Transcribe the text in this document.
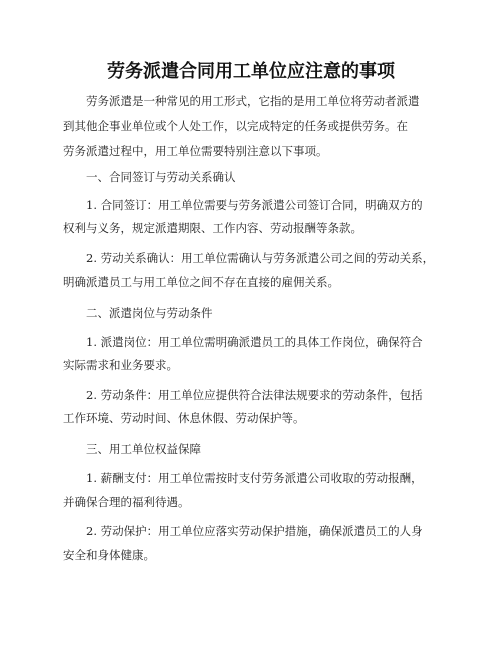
劳务派遣合同用工单位应注意的事项
劳务派遣是一种常见的用工形式，它指的是用工单位将劳动者派遣
到其他企事业单位或个人处工作，以完成特定的任务或提供劳务。在
劳务派遣过程中，用工单位需要特别注意以下事项。
一、合同签订与劳动关系确认
1. 合同签订：用工单位需要与劳务派遣公司签订合同，明确双方的
权利与义务，规定派遣期限、工作内容、劳动报酬等条款。
2. 劳动关系确认：用工单位需确认与劳务派遣公司之间的劳动关系，
明确派遣员工与用工单位之间不存在直接的雇佣关系。
二、派遣岗位与劳动条件
1. 派遣岗位：用工单位需明确派遣员工的具体工作岗位，确保符合
实际需求和业务要求。
2. 劳动条件：用工单位应提供符合法律法规要求的劳动条件，包括
工作环境、劳动时间、休息休假、劳动保护等。
三、用工单位权益保障
1. 薪酬支付：用工单位需按时支付劳务派遣公司收取的劳动报酬，
并确保合理的福利待遇。
2. 劳动保护：用工单位应落实劳动保护措施，确保派遣员工的人身
安全和身体健康。
